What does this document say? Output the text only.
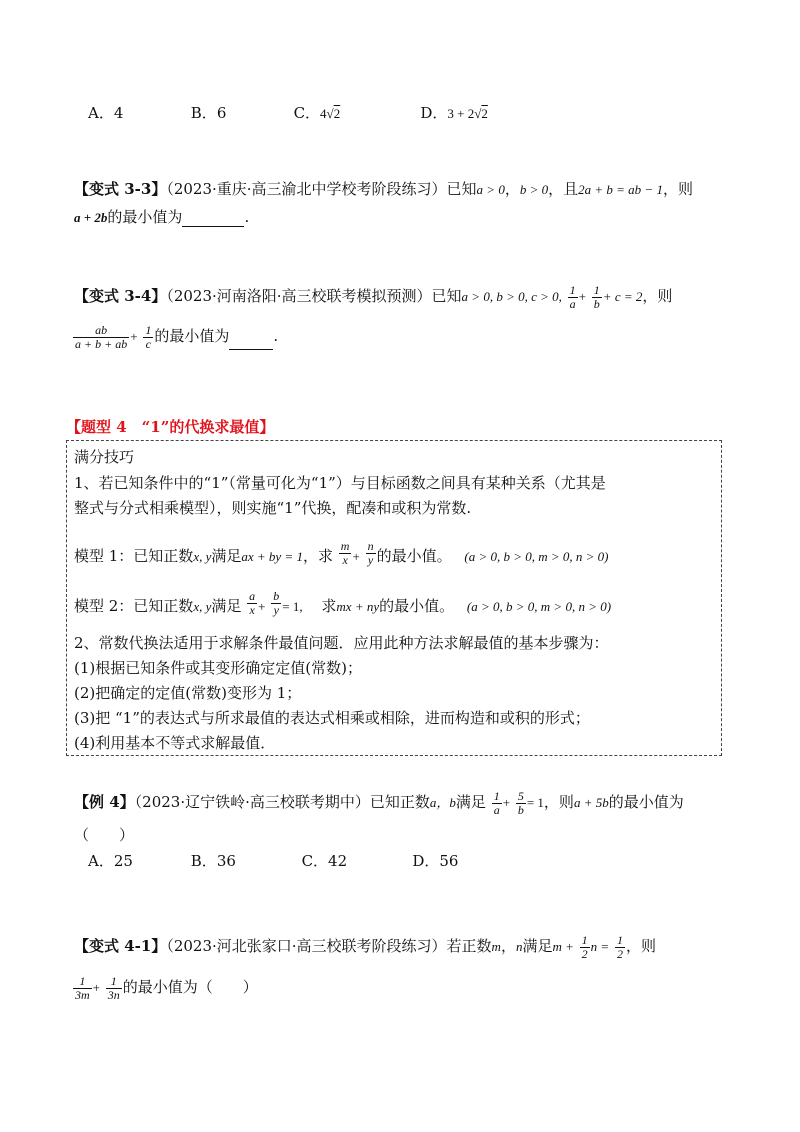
A．4	B．6	C．4√2	D．3 + 2√2
【变式 3-3】（2023·重庆·高三渝北中学校考阶段练习）已知a > 0，b > 0，且2a + b = ab − 1，则
a + 2b的最小值为	.
【变式 3-4】（2023·河南洛阳·高三校联考模拟预测）已知a > 0, b > 0, c > 0, $\frac{1}{a} + \frac{1}{b} + c = 2$，则
$\frac{ab}{a + b + ab} + \frac{1}{c}$ 的最小值为	.
【题型 4　“1”的代换求最值】
满分技巧
1、若已知条件中的“1”（常量可化为“1”）与目标函数之间具有某种关系（尤其是
整式与分式相乘模型），则实施“1”代换，配凑和或积为常数.
模型 1：已知正数x, y满足ax + by = 1，求 $\frac{m}{x} + \frac{n}{y}$ 的最小值。 (a > 0, b > 0, m > 0, n > 0)
模型 2：已知正数x, y满足 $\frac{a}{x} + \frac{b}{y} = 1$, 求mx + ny的最小值。 (a > 0, b > 0, m > 0, n > 0)
2、常数代换法适用于求解条件最值问题．应用此种方法求解最值的基本步骤为：
(1)根据已知条件或其变形确定定值(常数)；
(2)把确定的定值(常数)变形为 1；
(3)把 “1”的表达式与所求最值的表达式相乘或相除，进而构造和或积的形式；
(4)利用基本不等式求解最值．
【例 4】（2023·辽宁铁岭·高三校联考期中）已知正数a，b满足 $\frac{1}{a} + \frac{5}{b} = 1$，则a + 5b的最小值为
（　　）
A．25	B．36	C．42	D．56
【变式 4-1】（2023·河北张家口·高三校联考阶段练习）若正数m，n满足$m + \frac{1}{2}$ $n = \frac{1}{2}$ ，则
$\frac{1}{3m} + \frac{1}{3n}$ 的最小值为（　　）
